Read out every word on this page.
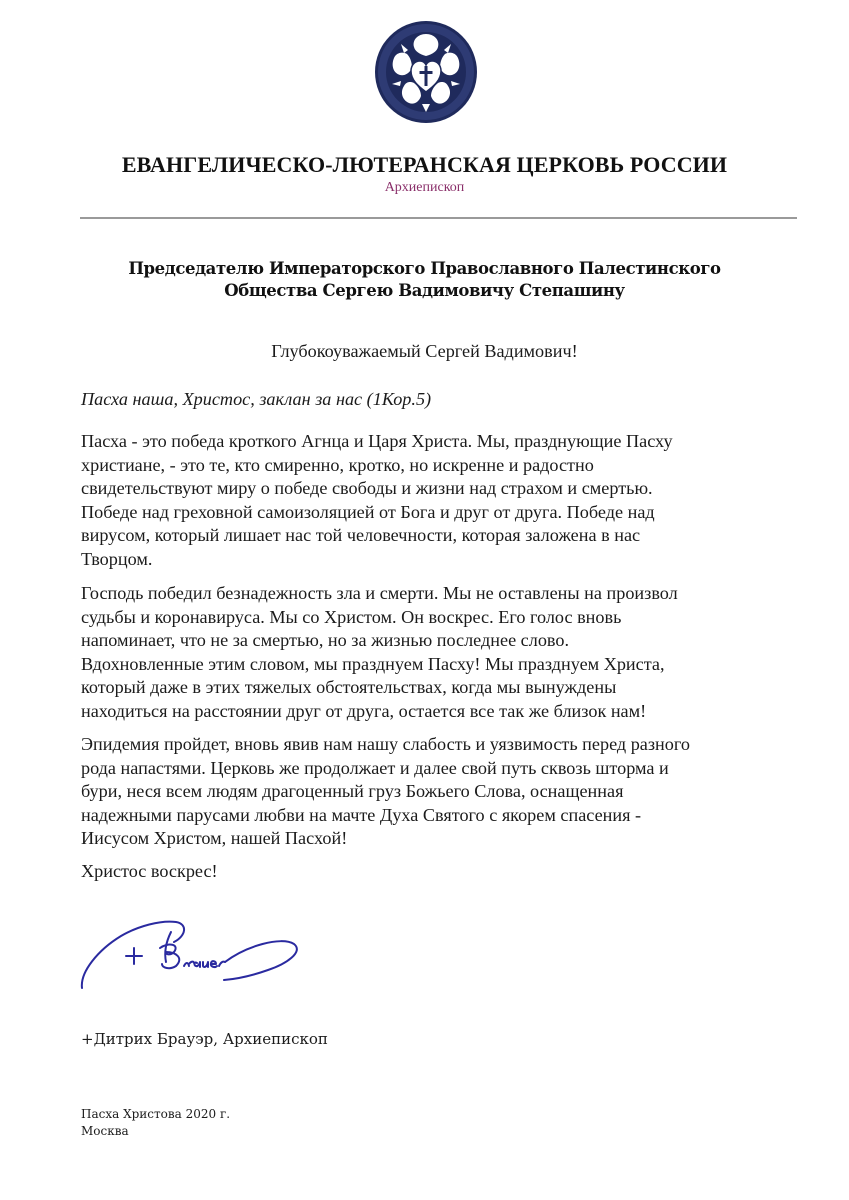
ЕВАНГЕЛИЧЕСКО-ЛЮТЕРАНСКАЯ ЦЕРКОВЬ РОССИИ
Архиепископ
Председателю Императорского Православного Палестинского
Общества Сергею Вадимовичу Степашину
Глубокоуважаемый Сергей Вадимович!
Пасха наша, Христос, заклан за нас (1Кор.5)
Пасха - это победа кроткого Агнца и Царя Христа. Мы, празднующие Пасху
христиане, - это те, кто смиренно, кротко, но искренне и радостно
свидетельствуют миру о победе свободы и жизни над страхом и смертью.
Победе над греховной самоизоляцией от Бога и друг от друга. Победе над
вирусом, который лишает нас той человечности, которая заложена в нас
Творцом.
Господь победил безнадежность зла и смерти. Мы не оставлены на произвол
судьбы и коронавируса. Мы со Христом. Он воскрес. Его голос вновь
напоминает, что не за смертью, но за жизнью последнее слово.
Вдохновленные этим словом, мы празднуем Пасху! Мы празднуем Христа,
который даже в этих тяжелых обстоятельствах, когда мы вынуждены
находиться на расстоянии друг от друга, остается все так же близок нам!
Эпидемия пройдет, вновь явив нам нашу слабость и уязвимость перед разного
рода напастями. Церковь же продолжает и далее свой путь сквозь шторма и
бури, неся всем людям драгоценный груз Божьего Слова, оснащенная
надежными парусами любви на мачте Духа Святого с якорем спасения -
Иисусом Христом, нашей Пасхой!
Христос воскрес!
+Дитрих Брауэр, Архиепископ
Пасха Христова 2020 г.
Москва
